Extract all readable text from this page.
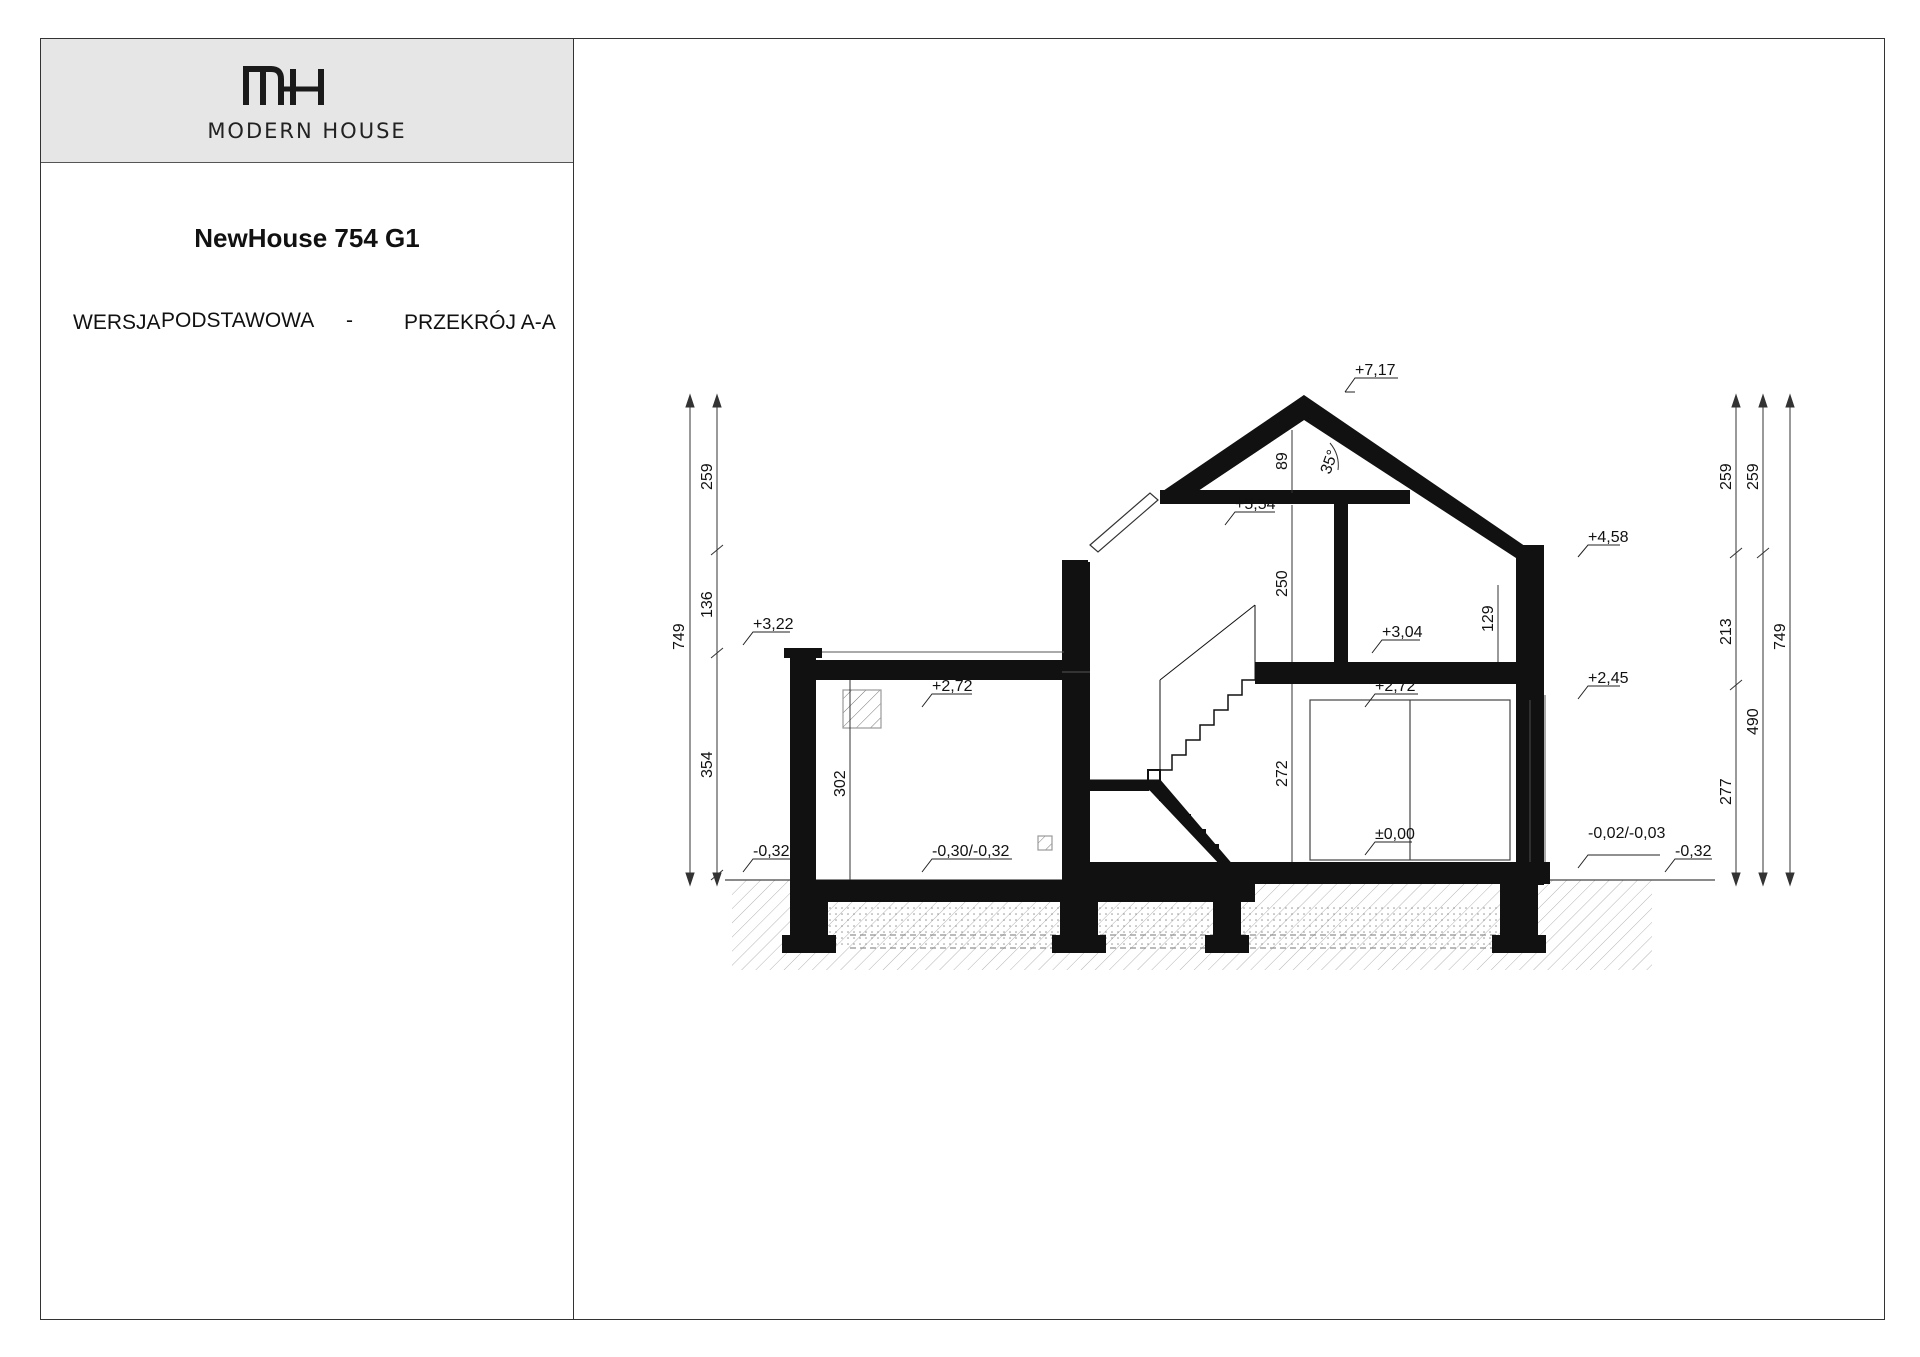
MODERN HOUSE
NewHouse 754 G1
WERSJA PODSTAWOWA - PRZEKRÓJ A-A
+7,17
+5,54
+4,58
+3,22	+3,04
+2,72	+2,72	+2,45
±0,00
-0,30/-0,32
-0,32
-0,02/-0,03
-0,32
89 35°
250
129
272
302
259
136
354
749
259 259
213
277
490
749
